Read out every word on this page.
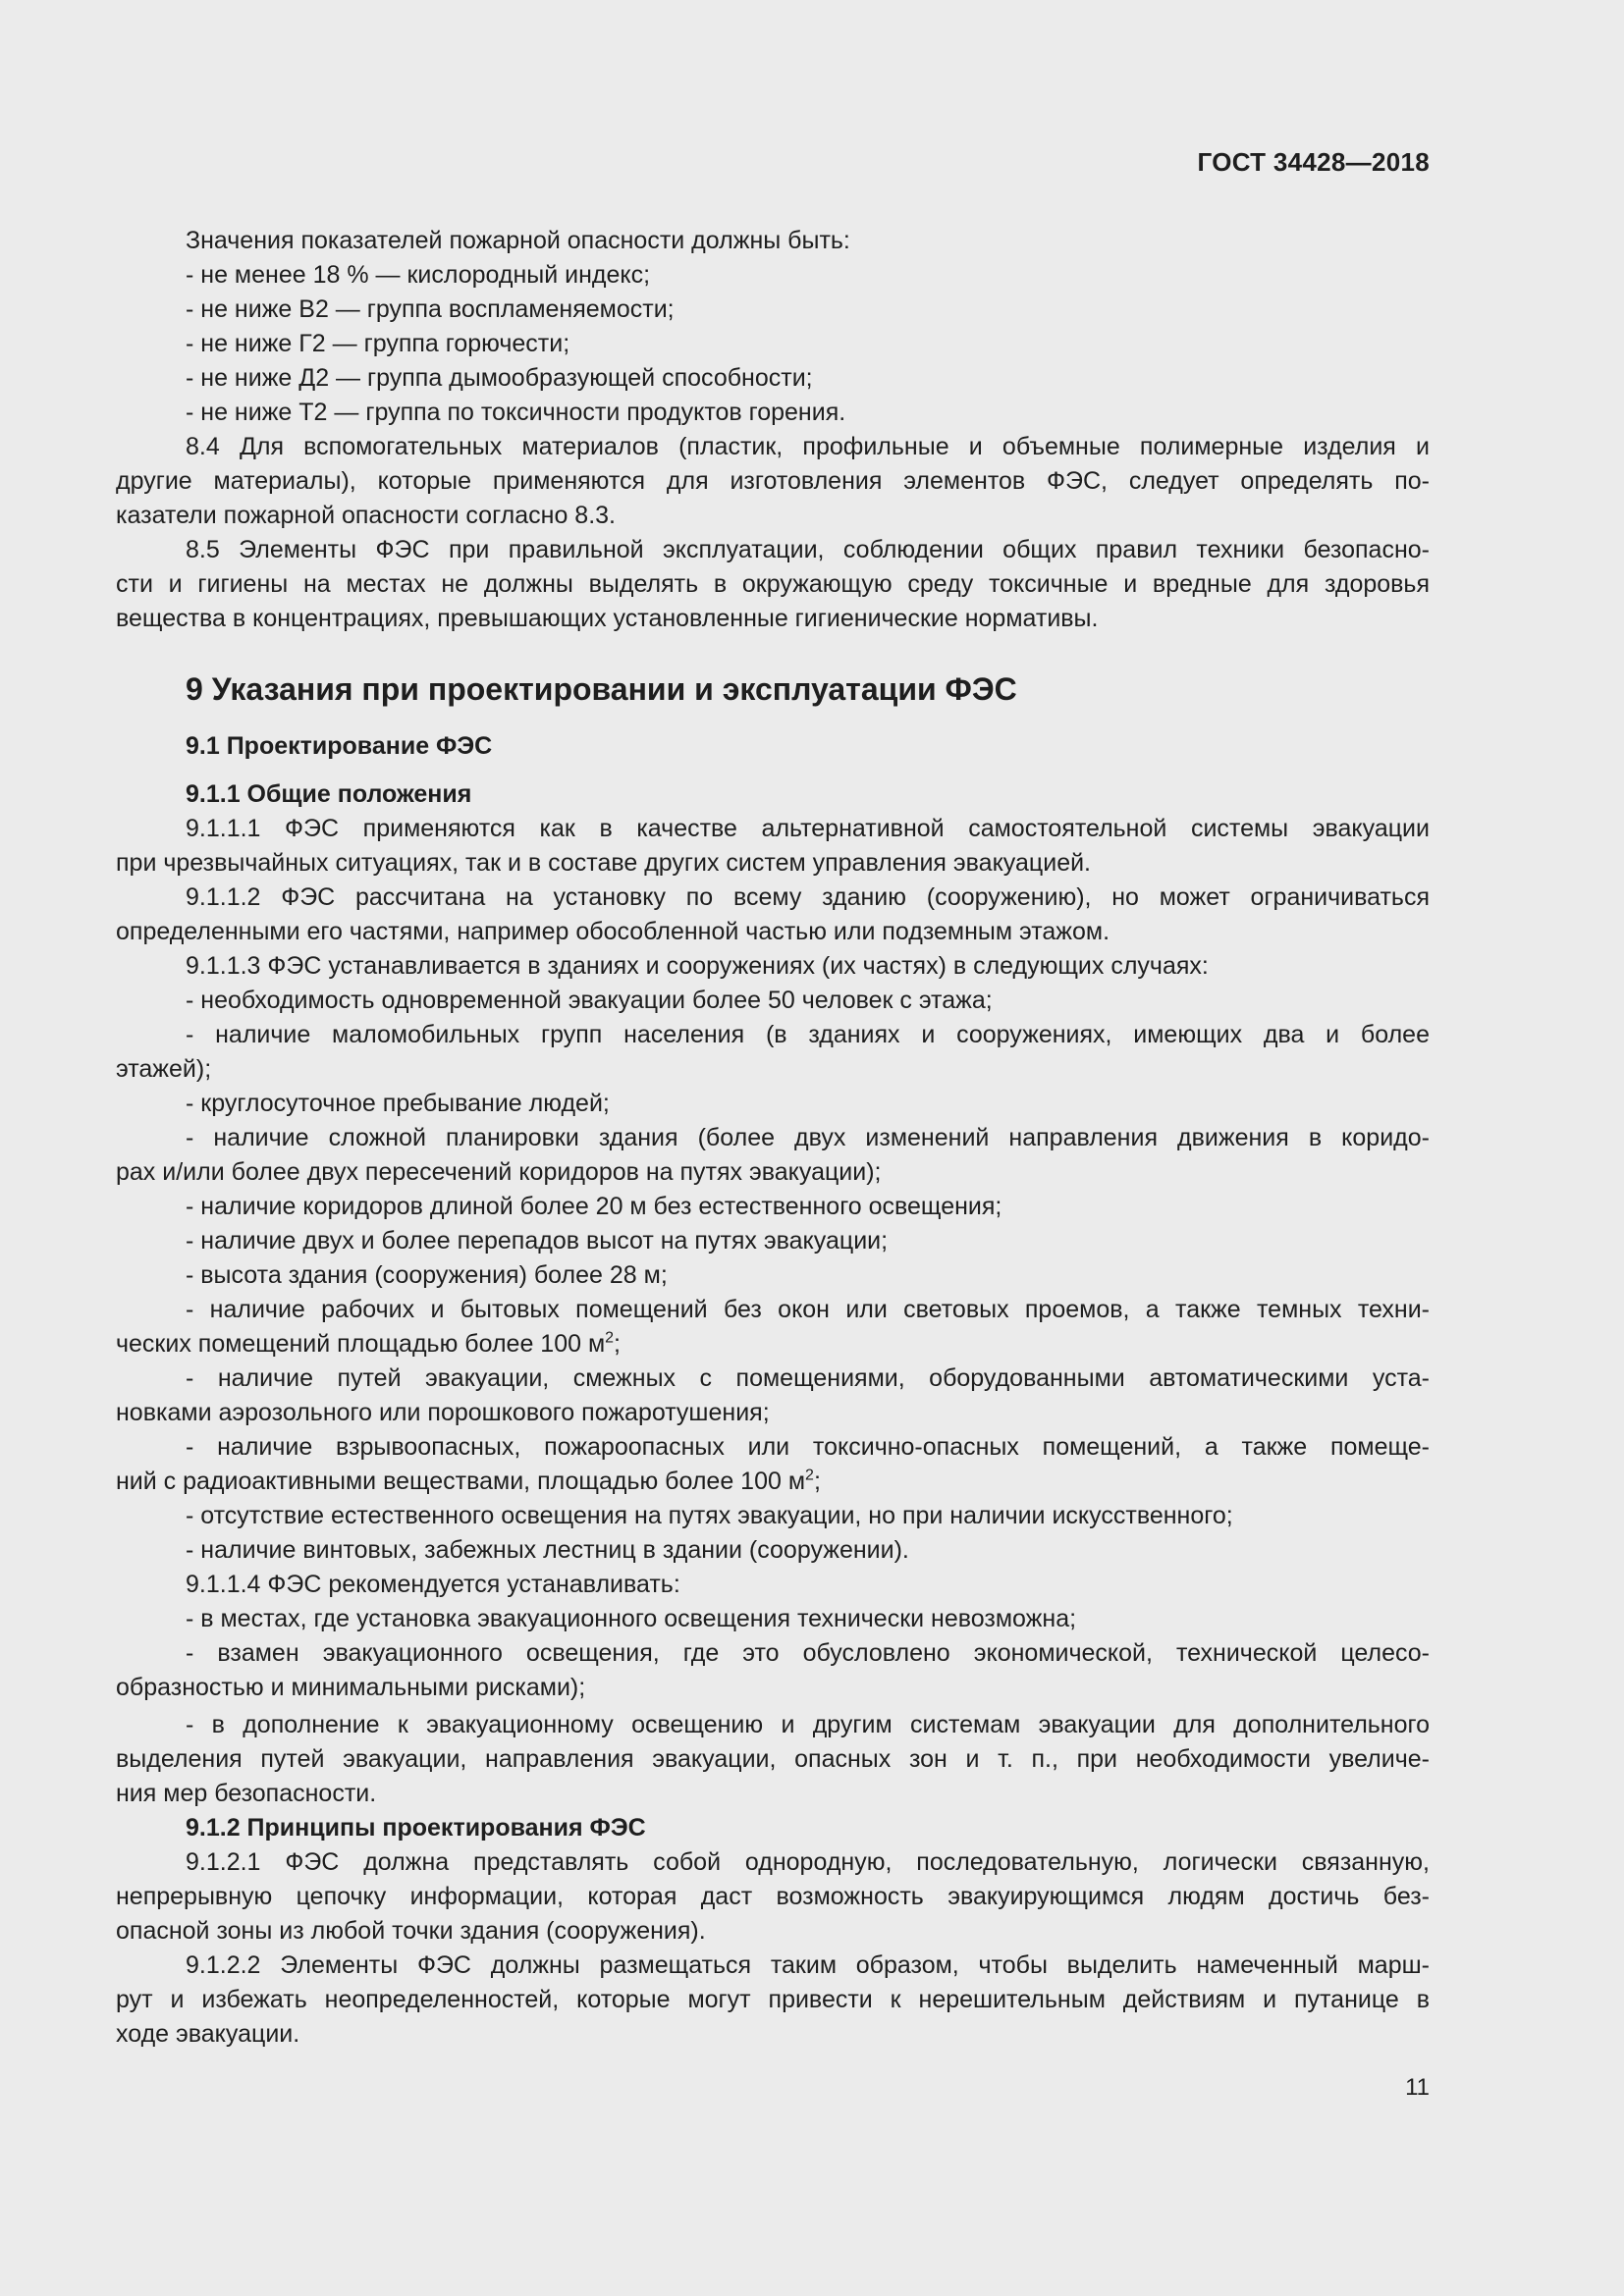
ГОСТ 34428—2018
Значения показателей пожарной опасности должны быть:
- не менее 18 % — кислородный индекс;
- не ниже В2 — группа воспламеняемости;
- не ниже Г2 — группа горючести;
- не ниже Д2 — группа дымообразующей способности;
- не ниже Т2 — группа по токсичности продуктов горения.
8.4 Для вспомогательных материалов (пластик, профильные и объемные полимерные изделия и
другие материалы), которые применяются для изготовления элементов ФЭС, следует определять по-
казатели пожарной опасности согласно 8.3.
8.5 Элементы ФЭС при правильной эксплуатации, соблюдении общих правил техники безопасно-
сти и гигиены на местах не должны выделять в окружающую среду токсичные и вредные для здоровья
вещества в концентрациях, превышающих установленные гигиенические нормативы.
9 Указания при проектировании и эксплуатации ФЭС
9.1 Проектирование ФЭС
9.1.1 Общие положения
9.1.1.1 ФЭС применяются как в качестве альтернативной самостоятельной системы эвакуации
при чрезвычайных ситуациях, так и в составе других систем управления эвакуацией.
9.1.1.2 ФЭС рассчитана на установку по всему зданию (сооружению), но может ограничиваться
определенными его частями, например обособленной частью или подземным этажом.
9.1.1.3 ФЭС устанавливается в зданиях и сооружениях (их частях) в следующих случаях:
- необходимость одновременной эвакуации более 50 человек с этажа;
- наличие маломобильных групп населения (в зданиях и сооружениях, имеющих два и более
этажей);
- круглосуточное пребывание людей;
- наличие сложной планировки здания (более двух изменений направления движения в коридо-
рах и/или более двух пересечений коридоров на путях эвакуации);
- наличие коридоров длиной более 20 м без естественного освещения;
- наличие двух и более перепадов высот на путях эвакуации;
- высота здания (сооружения) более 28 м;
- наличие рабочих и бытовых помещений без окон или световых проемов, а также темных техни-
ческих помещений площадью более 100 $м^2$;
- наличие путей эвакуации, смежных с помещениями, оборудованными автоматическими уста-
новками аэрозольного или порошкового пожаротушения;
- наличие взрывоопасных, пожароопасных или токсично-опасных помещений, а также помеще-
ний с радиоактивными веществами, площадью более 100 $м^2$;
- отсутствие естественного освещения на путях эвакуации, но при наличии искусственного;
- наличие винтовых, забежных лестниц в здании (сооружении).
9.1.1.4 ФЭС рекомендуется устанавливать:
- в местах, где установка эвакуационного освещения технически невозможна;
- взамен эвакуационного освещения, где это обусловлено экономической, технической целесо-
образностью и минимальными рисками);
- в дополнение к эвакуационному освещению и другим системам эвакуации для дополнительного
выделения путей эвакуации, направления эвакуации, опасных зон и т. п., при необходимости увеличе-
ния мер безопасности.
9.1.2 Принципы проектирования ФЭС
9.1.2.1 ФЭС должна представлять собой однородную, последовательную, логически связанную,
непрерывную цепочку информации, которая даст возможность эвакуирующимся людям достичь без-
опасной зоны из любой точки здания (сооружения).
9.1.2.2 Элементы ФЭС должны размещаться таким образом, чтобы выделить намеченный марш-
рут и избежать неопределенностей, которые могут привести к нерешительным действиям и путанице в
ходе эвакуации.
11
